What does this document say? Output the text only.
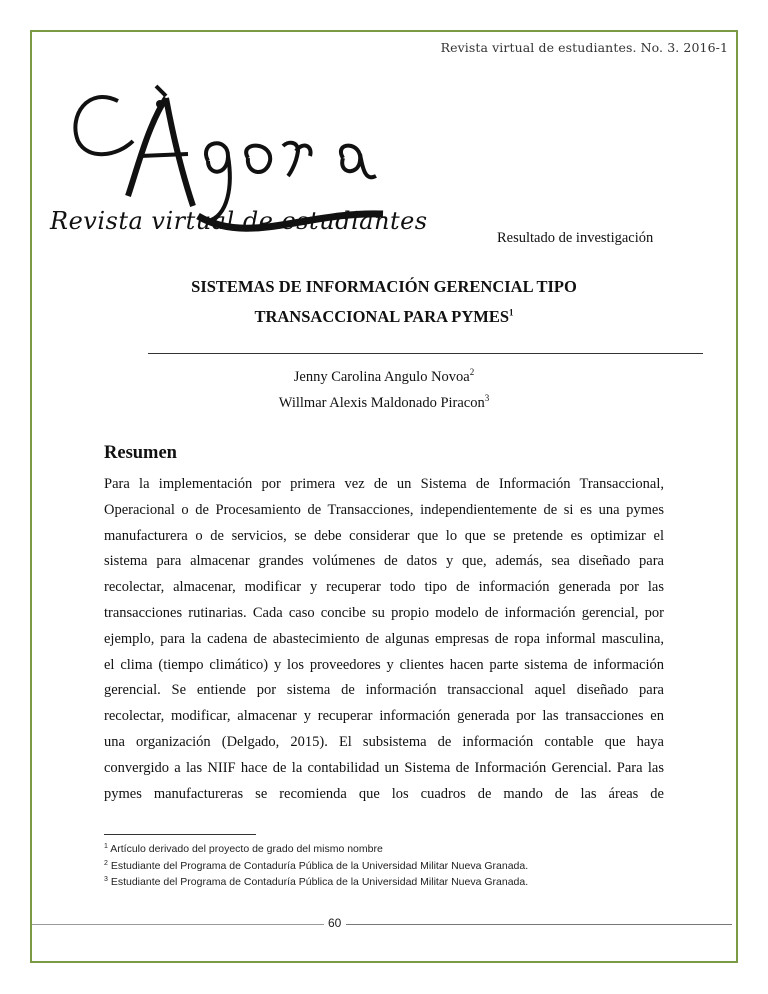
Revista virtual de estudiantes. No. 3. 2016-1
Revista virtual de estudiantes
Resultado de investigación
SISTEMAS DE INFORMACIÓN GERENCIAL TIPO
TRANSACCIONAL PARA PYMES$^1$
Jenny Carolina Angulo Novoa$^2$
Willmar Alexis Maldonado Piracon$^3$
Resumen
Para la implementación por primera vez de un Sistema de Información Transaccional,
Operacional o de Procesamiento de Transacciones, independientemente de si es una pymes
manufacturera o de servicios, se debe considerar que lo que se pretende es optimizar el
sistema para almacenar grandes volúmenes de datos y que, además, sea diseñado para
recolectar, almacenar, modificar y recuperar todo tipo de información generada por las
transacciones rutinarias. Cada caso concibe su propio modelo de información gerencial, por
ejemplo, para la cadena de abastecimiento de algunas empresas de ropa informal masculina,
el clima (tiempo climático) y los proveedores y clientes hacen parte sistema de información
gerencial. Se entiende por sistema de información transaccional aquel diseñado para
recolectar, modificar, almacenar y recuperar información generada por las transacciones en
una organización (Delgado, 2015). El subsistema de información contable que haya
convergido a las NIIF hace de la contabilidad un Sistema de Información Gerencial. Para las
pymes manufactureras se recomienda que los cuadros de mando de las áreas de
$^1$ Artículo derivado del proyecto de grado del mismo nombre
$^2$ Estudiante del Programa de Contaduría Pública de la Universidad Militar Nueva Granada.
$^3$ Estudiante del Programa de Contaduría Pública de la Universidad Militar Nueva Granada.
60
